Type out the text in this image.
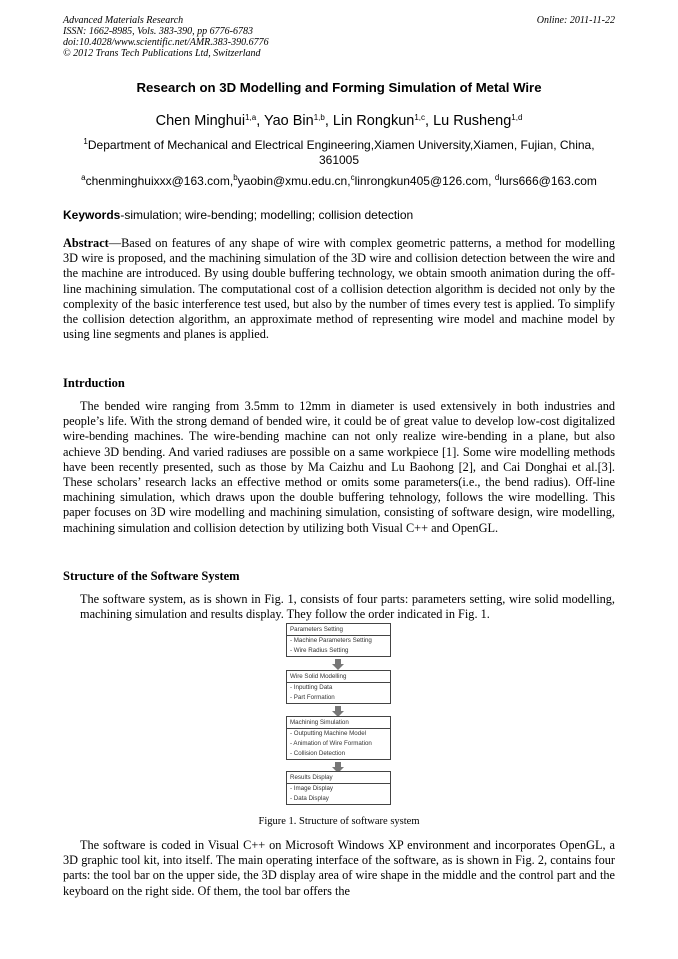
Advanced Materials Research
ISSN: 1662-8985, Vols. 383-390, pp 6776-6783
doi:10.4028/www.scientific.net/AMR.383-390.6776
© 2012 Trans Tech Publications Ltd, Switzerland
Online: 2011-11-22
Research on 3D Modelling and Forming Simulation of Metal Wire
Chen Minghui$^{1,a}$, Yao Bin$^{1,b}$, Lin Rongkun$^{1,c}$, Lu Rusheng$^{1,d}$
$^1$Department of Mechanical and Electrical Engineering,Xiamen University,Xiamen, Fujian, China, 361005
$^a$chenminghuixxx@163.com,$^b$yaobin@xmu.edu.cn,$^c$linrongkun405@126.com, $^d$lurs666@163.com
Keywords-simulation; wire-bending; modelling; collision detection
Abstract—Based on features of any shape of wire with complex geometric patterns, a method for modelling 3D wire is proposed, and the machining simulation of the 3D wire and collision detection between the wire and the machine are introduced. By using double buffering technology, we obtain smooth animation during the off-line machining simulation. The computational cost of a collision detection algorithm is decided not only by the complexity of the basic interference test used, but also by the number of times every test is applied. To simplify the collision detection algorithm, an approximate method of representing wire model and machine model by using line segments and planes is applied.
Intrduction
The bended wire ranging from 3.5mm to 12mm in diameter is used extensively in both industries and people’s life. With the strong demand of bended wire, it could be of great value to develop low-cost digitalized wire-bending machines. The wire-bending machine can not only realize wire-bending in a plane, but also achieve 3D bending. And varied radiuses are possible on a same workpiece [1]. Some wire modelling methods have been recently presented, such as those by Ma Caizhu and Lu Baohong [2], and Cai Donghai et al.[3]. These scholars’ research lacks an effective method or omits some parameters(i.e., the bend radius). Off-line machining simulation, which draws upon the double buffering tehnology, follows the wire modelling. This paper focuses on 3D wire modelling and machining simulation, consisting of software design, wire modelling, machining simulation and collision detection by utilizing both Visual C++ and OpenGL.
Structure of the Software System
The software system, as is shown in Fig. 1, consists of four parts: parameters setting, wire solid modelling, machining simulation and results display. They follow the order indicated in Fig. 1.
Parameters Setting
- Machine Parameters Setting
- Wire Radius Setting
Wire Solid Modelling
- Inputting Data
- Part Formation
Machining Simulation
- Outputting Machine Model
- Animation of Wire Formation
- Collision Detection
Results Display
- Image Display
- Data Display
Figure 1. Structure of software system
The software is coded in Visual C++ on Microsoft Windows XP environment and incorporates OpenGL, a 3D graphic tool kit, into itself. The main operating interface of the software, as is shown in Fig. 2, contains four parts: the tool bar on the upper side, the 3D display area of wire shape in the middle and the control part and the keyboard on the right side. Of them, the tool bar offers the
